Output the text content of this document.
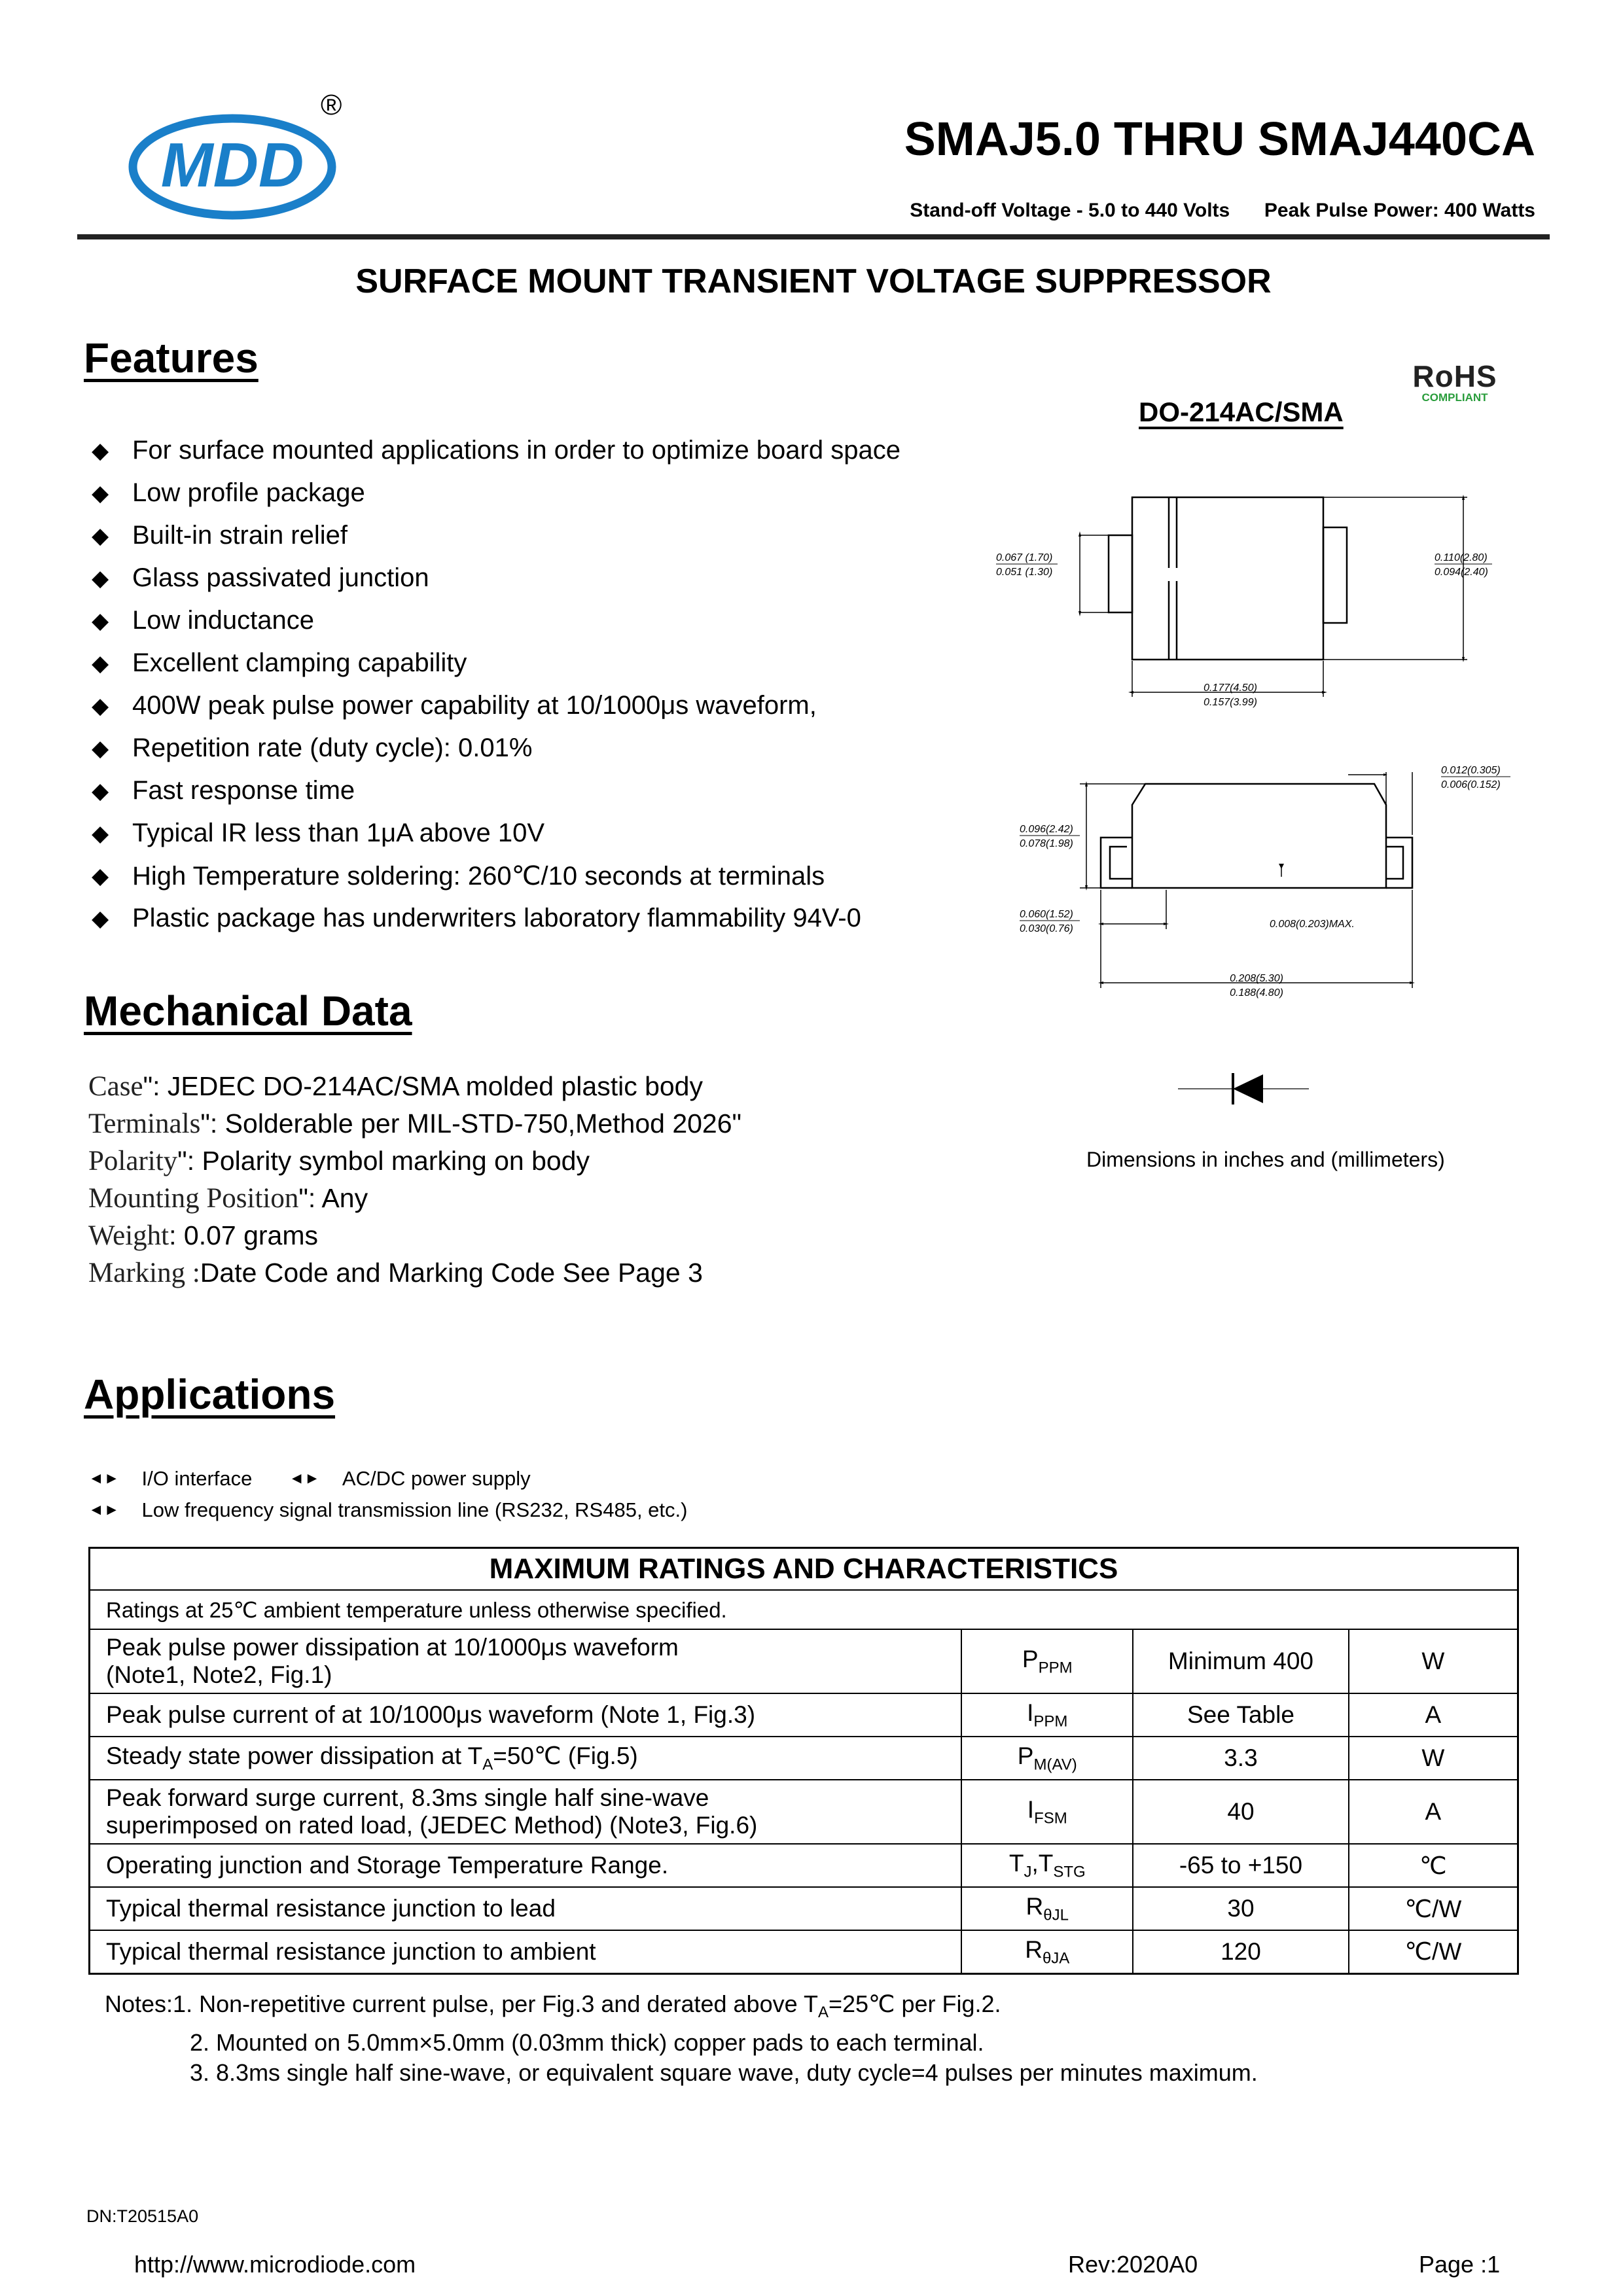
MDD
®
SMAJ5.0 THRU SMAJ440CA
Stand-off Voltage - 5.0 to 440 Volts Peak Pulse Power: 400 Watts
SURFACE MOUNT TRANSIENT VOLTAGE SUPPRESSOR
Features
◆ For surface mounted applications in order to optimize board space
◆ Low profile package
◆ Built-in strain relief
◆ Glass passivated junction
◆ Low inductance
◆ Excellent clamping capability
◆ 400W peak pulse power capability at 10/1000μs waveform,
◆ Repetition rate (duty cycle): 0.01%
◆ Fast response time
◆ Typical IR less than 1μA above 10V
◆ High Temperature soldering: 260℃/10 seconds at terminals
◆ Plastic package has underwriters laboratory flammability 94V-0
DO-214AC/SMA
RoHS
COMPLIANT
0.067 (1.70)
0.051 (1.30)
0.110(2.80)
0.094(2.40)
0.177(4.50)
0.157(3.99)
0.012(0.305)
0.006(0.152)
0.096(2.42)
0.078(1.98)
0.060(1.52)
0.030(0.76)	0.008(0.203)MAX.
0.208(5.30)
0.188(4.80)
Dimensions in inches and (millimeters)
Mechanical Data
Case ": JEDEC DO-214AC/SMA molded plastic body
Terminals ": Solderable per MIL-STD-750,Method 2026"
Polarity ": Polarity symbol marking on body
Mounting Position ": Any
Weight : 0.07 grams
Marking : Date Code and Marking Code See Page 3
Applications
◄► I/O interface ◄► AC/DC power supply
◄► Low frequency signal transmission line (RS232, RS485, etc.)
MAXIMUM RATINGS AND CHARACTERISTICS			
Ratings at 25℃ ambient temperature unless otherwise specified.			

Peak pulse power dissipation at 10/1000μs waveform
(Note1, Note2, Fig.1)	$P_{PPM}$	Minimum 400	W
Peak pulse current of at 10/1000μs waveform (Note 1, Fig.3)	$I_{PPM}$	See Table	A
Steady state power dissipation at $T_A=50℃$ (Fig.5)	$P_{M(AV)}$	3.3	W

Peak forward surge current, 8.3ms single half sine-wave
superimposed on rated load, (JEDEC Method) (Note3, Fig.6)	$I_{FSM}$	40	A
Operating junction and Storage Temperature Range.	$T_J,T_{STG}$	-65 to +150	℃
Typical thermal resistance junction to lead	$R_{\theta JL}$	30	℃/W
Typical thermal resistance junction to ambient	$R_{\theta JA}$	120	℃/W
Notes:1. Non-repetitive current pulse, per Fig.3 and derated above $T_A=25℃$ per Fig.2.
2. Mounted on 5.0mm×5.0mm (0.03mm thick) copper pads to each terminal.
3. 8.3ms single half sine-wave, or equivalent square wave, duty cycle=4 pulses per minutes maximum.
DN:T20515A0
http://www.microdiode.com	Rev:2020A0	Page :1
